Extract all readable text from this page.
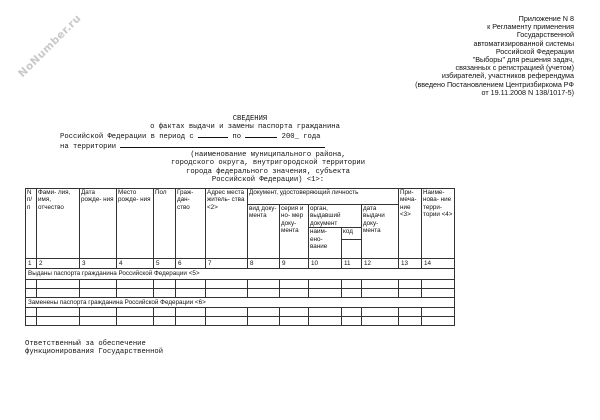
NoNumber.ru	Приложение N 8
к Регламенту применения
Государственной
автоматизированной системы
Российской Федерации
"Выборы" для решения задач,
связанных с регистрацией (учетом)
избирателей, участников референдума
(введено Постановлением Центризбиркома РФ
от 19.11.2008 N 138/1017-5)
СВЕДЕНИЯ
о фактах выдачи и замены паспорта гражданина
Российской Федерации в период с	по	200_ года
на территории
(наименование муниципального района,
городского округа, внутригородской территории
города федерального значения, субъекта
Российской Федерации) <1>:
N п/п	Фами- лия, имя, отчество	Дата рожде- ния	Место рожде- ния	Пол	Граж- дан- ство	Адрес места житель- ства <2>	Документ, удостоверяющий личность					При- меча- ние <3>	Наиме- нова- ние терри- тории <4>
							вид доку- мента	серия и но- мер доку- мента	орган, выдавший документ		дата выдачи доку- мента		
									наим- ено- вание	код			

1	2	3	4	5	6	7	8	9	10	11	12	13	14
Выданы паспорта гражданина Российской Федерации <5>													

Заменены паспорта гражданина Российской Федерации <6>													

Ответственный за обеспечение
функционирования Государственной
